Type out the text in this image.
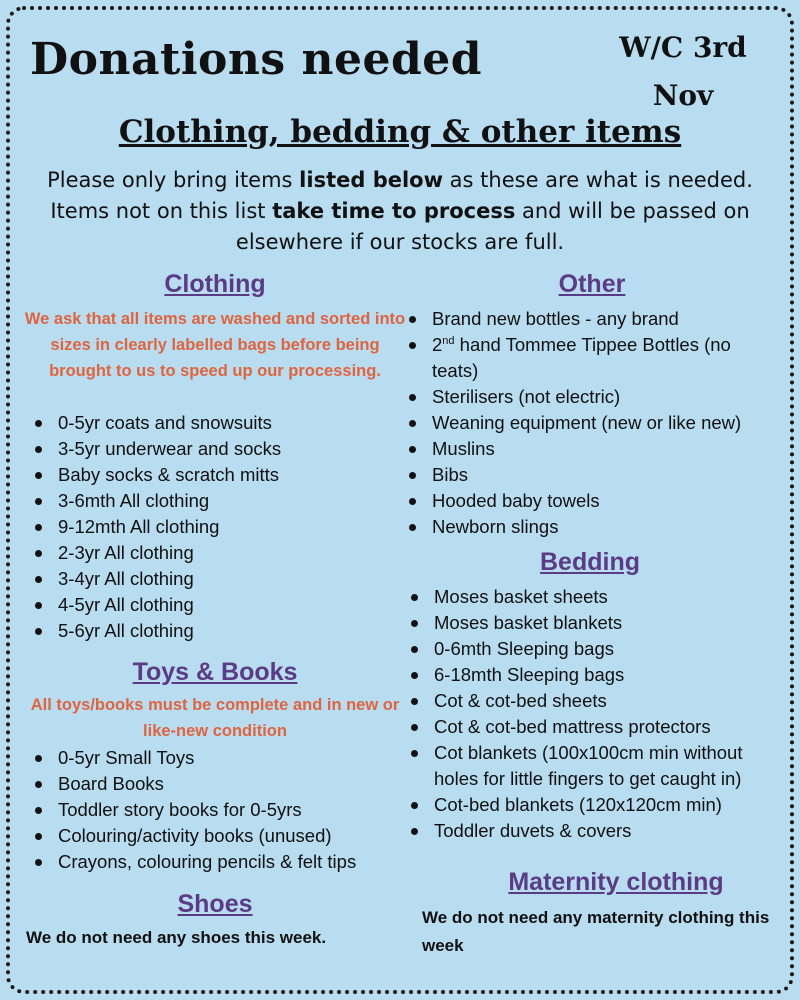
Donations needed	W/C 3rd
Nov
Clothing, bedding & other items
Please only bring items listed below as these are what is needed. Items not on this list take time to process and will be passed on elsewhere if our stocks are full.
Clothing
We ask that all items are washed and sorted into sizes in clearly labelled bags before being brought to us to speed up our processing.
0-5yr coats and snowsuits
3-5yr underwear and socks
Baby socks & scratch mitts
3-6mth All clothing
9-12mth All clothing
2-3yr All clothing
3-4yr All clothing
4-5yr All clothing
5-6yr All clothing
Toys & Books
All toys/books must be complete and in new or like-new condition
0-5yr Small Toys
Board Books
Toddler story books for 0-5yrs
Colouring/activity books (unused)
Crayons, colouring pencils & felt tips
Shoes
We do not need any shoes this week.
Other
Brand new bottles - any brand
2nd hand Tommee Tippee Bottles (no teats)
Sterilisers (not electric)
Weaning equipment (new or like new)
Muslins
Bibs
Hooded baby towels
Newborn slings
Bedding
Moses basket sheets
Moses basket blankets
0-6mth Sleeping bags
6-18mth Sleeping bags
Cot & cot-bed sheets
Cot & cot-bed mattress protectors
Cot blankets (100x100cm min without holes for little fingers to get caught in)
Cot-bed blankets (120x120cm min)
Toddler duvets & covers
Maternity clothing
We do not need any maternity clothing this week
